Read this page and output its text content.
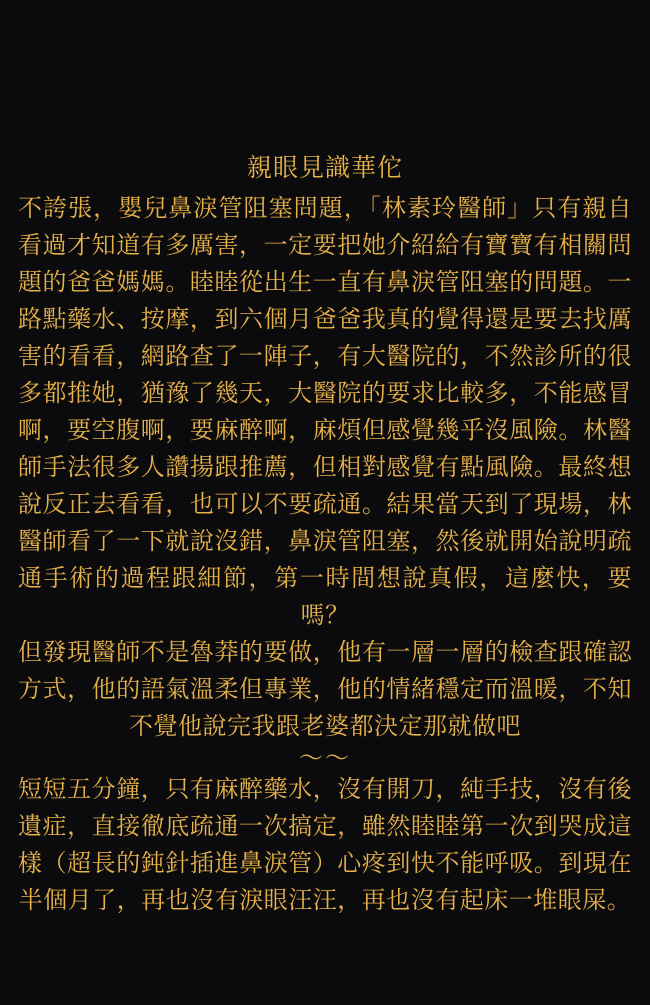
親眼見識華佗

不誇張，嬰兒鼻淚管阻塞問題，「林素玲醫師」只有親自看過才知道有多厲害，一定要把她介紹給有寶寶有相關問題的爸爸媽媽。睦睦從出生一直有鼻淚管阻塞的問題。一路點藥水、按摩，到六個月爸爸我真的覺得還是要去找厲害的看看，網路查了一陣子，有大醫院的，不然診所的很多都推她，猶豫了幾天，大醫院的要求比較多，不能感冒啊，要空腹啊，要麻醉啊，麻煩但感覺幾乎沒風險。林醫師手法很多人讚揚跟推薦，但相對感覺有點風險。最終想說反正去看看，也可以不要疏通。結果當天到了現場，林醫師看了一下就說沒錯，鼻淚管阻塞，然後就開始說明疏通手術的過程跟細節，第一時間想說真假，這麼快，要嗎？

但發現醫師不是魯莽的要做，他有一層一層的檢查跟確認方式，他的語氣溫柔但專業，他的情緒穩定而溫暖，不知不覺他說完我跟老婆都決定那就做吧

～～

短短五分鐘，只有麻醉藥水，沒有開刀，純手技，沒有後遺症，直接徹底疏通一次搞定，雖然睦睦第一次到哭成這樣（超長的鈍針插進鼻淚管）心疼到快不能呼吸。到現在半個月了，再也沒有淚眼汪汪，再也沒有起床一堆眼屎。
